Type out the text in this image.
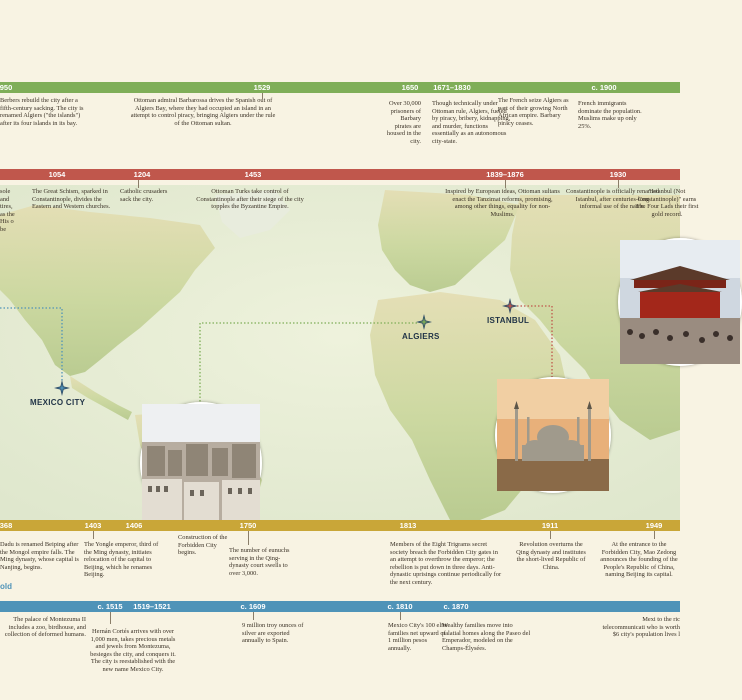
950	1529	1650 1671–1830	c. 1900
Berbers rebuild the city after a fifth-century sacking. The city is renamed Algiers ("the islands") after its four islands in its bay.
Ottoman admiral Barbarossa drives the Spanish out of Algiers Bay, where they had occupied an island in an attempt to control piracy, bringing Algiers under the rule of the Ottoman sultan.
Over 30,000 prisoners of Barbary pirates are housed in the city.
Though technically under Ottoman rule, Algiers, fueled by piracy, bribery, kidnapping, and murder, functions essentially as an autonomous city-state.
The French seize Algiers as part of their growing North African empire. Barbary piracy ceases.
French immigrants dominate the population. Muslims make up only 25%.
1054	1204	1453	1839–1876	1930
sole and tires, as the His o be
The Great Schism, sparked in Constantinople, divides the Eastern and Western churches.
Catholic crusaders sack the city.
Ottoman Turks take control of Constantinople after their siege of the city topples the Byzantine Empire.
Inspired by European ideas, Ottoman sultans enact the Tanzimat reforms, promising, among other things, equality for non-Muslims.
Constantinople is officially renamed Istanbul, after centuries-long informal use of the name.
"Istanbul (Not Constantinople)" earns The Four Lads their first gold record.
MEXICO CITY
ALGIERS
ISTANBUL
368	1403	1406	1750	1813	1911	1949
Dadu is renamed Beiping after the Mongol empire falls. The Ming dynasty, whose capital is Nanjing, begins.
The Yongle emperor, third of the Ming dynasty, initiates relocation of the capital to Beijing, which he renames Beijing.
Construction of the Forbidden City begins.	The number of eunuchs serving in the Qing-dynasty court swells to over 3,000.
Members of the Eight Trigrams secret society breach the Forbidden City gates in an attempt to overthrow the emperor; the rebellion is put down in three days. Anti-dynastic uprisings continue periodically for the next century.
Revolution overturns the Qing dynasty and institutes the short-lived Republic of China.
At the entrance to the Forbidden City, Mao Zedong announces the founding of the People's Republic of China, naming Beijing its capital.
old
c. 1515 1519–1521	c. 1609	c. 1810	c. 1870
The palace of Montezuma II includes a zoo, birdhouse, and collection of deformed humans. Hernán Cortés arrives with over 1,000 men, takes precious metals and jewels from Montezuma, besieges the city, and conquers it. The city is reestablished with the new name Mexico City.
9 million troy ounces of silver are exported annually to Spain.
Mexico City's 100 elite families net upward of 1 million pesos annually.
Wealthy families move into palatial homes along the Paseo del Emperador, modeled on the Champs-Élysées.
Mexi to the ric telecommunicati who is worth $6 city's population lives l
